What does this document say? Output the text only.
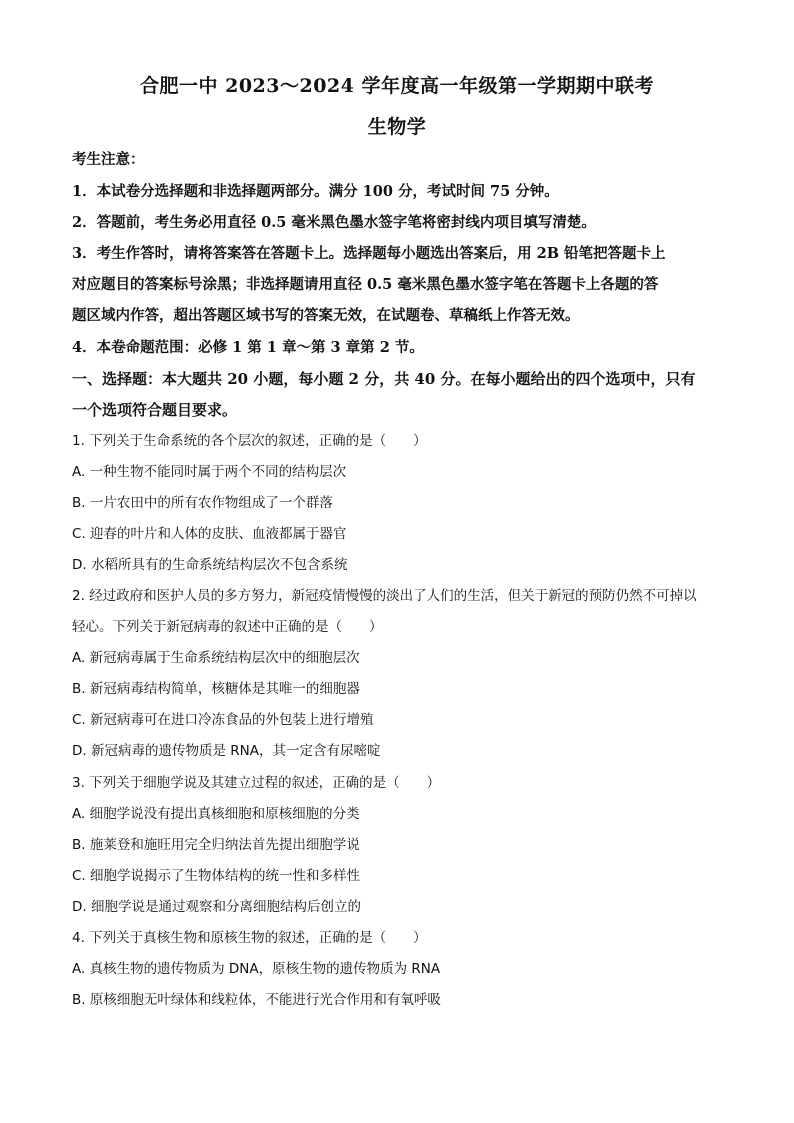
合肥一中 2023～2024 学年度高一年级第一学期期中联考
生物学
考生注意：
1．本试卷分选择题和非选择题两部分。满分 100 分，考试时间 75 分钟。
2．答题前，考生务必用直径 0.5 毫米黑色墨水签字笔将密封线内项目填写清楚。
3．考生作答时，请将答案答在答题卡上。选择题每小题选出答案后，用 2B 铅笔把答题卡上
对应题目的答案标号涂黑；非选择题请用直径 0.5 毫米黑色墨水签字笔在答题卡上各题的答
题区域内作答，超出答题区域书写的答案无效，在试题卷、草稿纸上作答无效。
4．本卷命题范围：必修 1 第 1 章～第 3 章第 2 节。
一、选择题：本大题共 20 小题，每小题 2 分，共 40 分。在每小题给出的四个选项中，只有
一个选项符合题目要求。
1. 下列关于生命系统的各个层次的叙述，正确的是（　　）
A. 一种生物不能同时属于两个不同的结构层次
B. 一片农田中的所有农作物组成了一个群落
C. 迎春的叶片和人体的皮肤、血液都属于器官
D. 水稻所具有的生命系统结构层次不包含系统
2. 经过政府和医护人员的多方努力，新冠疫情慢慢的淡出了人们的生活，但关于新冠的预防仍然不可掉以
轻心。下列关于新冠病毒的叙述中正确的是（　　）
A. 新冠病毒属于生命系统结构层次中的细胞层次
B. 新冠病毒结构简单，核糖体是其唯一的细胞器
C. 新冠病毒可在进口冷冻食品的外包装上进行增殖
D. 新冠病毒的遗传物质是 RNA，其一定含有尿嘧啶
3. 下列关于细胞学说及其建立过程的叙述，正确的是（　　）
A. 细胞学说没有提出真核细胞和原核细胞的分类
B. 施莱登和施旺用完全归纳法首先提出细胞学说
C. 细胞学说揭示了生物体结构的统一性和多样性
D. 细胞学说是通过观察和分离细胞结构后创立的
4. 下列关于真核生物和原核生物的叙述，正确的是（　　）
A. 真核生物的遗传物质为 DNA，原核生物的遗传物质为 RNA
B. 原核细胞无叶绿体和线粒体，不能进行光合作用和有氧呼吸
